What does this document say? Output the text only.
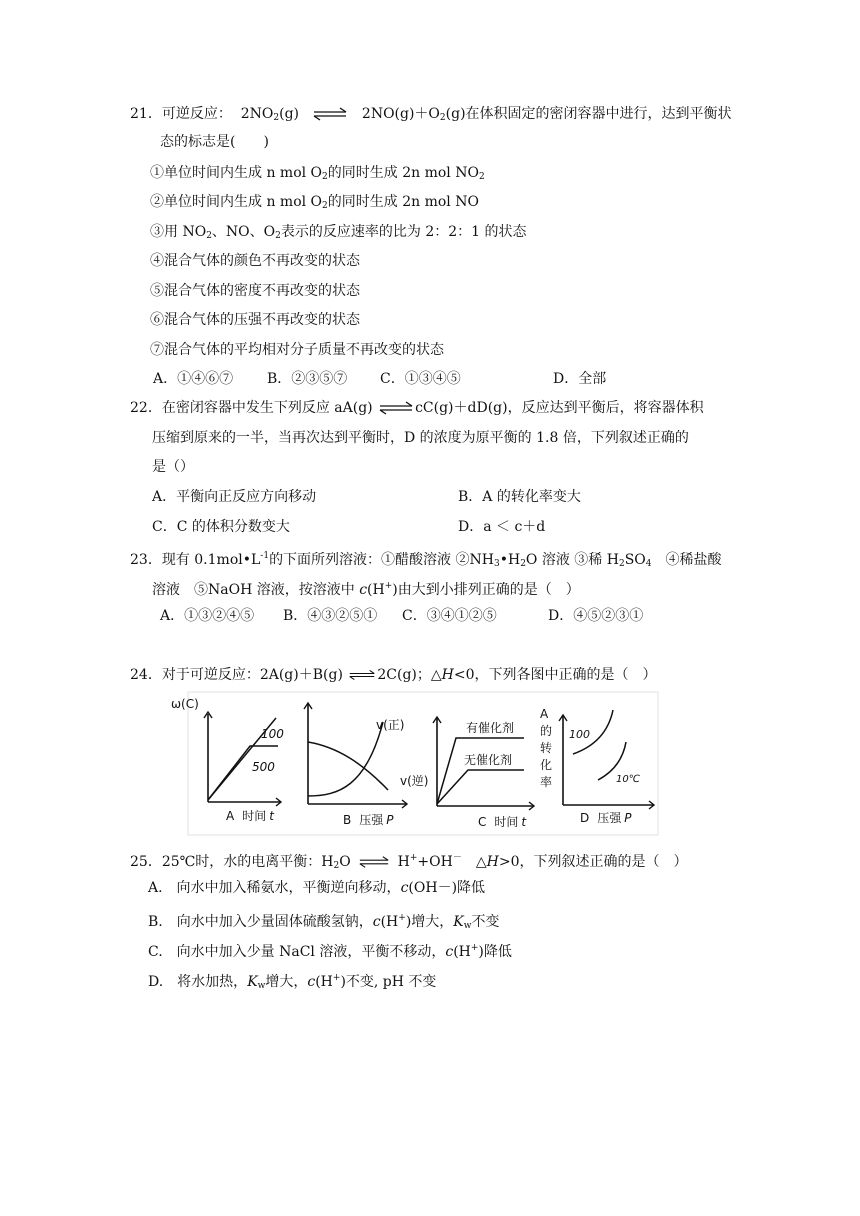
21．可逆反应： $2NO_2(g)$	$2NO(g)+O_2(g)$在体积固定的密闭容器中进行，达到平衡状
态的标志是(　　)
①单位时间内生成 n mol $O_2$的同时生成 2n mol $NO_2$
②单位时间内生成 n mol $O_2$的同时生成 2n mol NO
③用 $NO_2$、NO、$O_2$表示的反应速率的比为 2：2：1 的状态
④混合气体的颜色不再改变的状态
⑤混合气体的密度不再改变的状态
⑥混合气体的压强不再改变的状态
⑦混合气体的平均相对分子质量不再改变的状态
A．①④⑥⑦ B．②③⑤⑦ C．①③④⑤	D．全部
22．在密闭容器中发生下列反应 aA(g)	cC(g)＋dD(g)，反应达到平衡后，将容器体积
压缩到原来的一半，当再次达到平衡时，D 的浓度为原平衡的 1.8 倍，下列叙述正确的
是（）
A．平衡向正反应方向移动	B．A 的转化率变大
C．C 的体积分数变大	D．a ＜ c＋d
23．现有 $0.1mol•L^{-1}$的下面所列溶液：①醋酸溶液 $②NH_3•H_2O$ 溶液 ③稀 $H_2SO_4$　④稀盐酸
溶液　⑤NaOH 溶液，按溶液中 c(H+)由大到小排列正确的是（　）
A．①③②④⑤ B．④③②⑤① C．③④①②⑤	D．④⑤②③①
24．对于可逆反应：2A(g)＋B(g) 2C(g)；△H<0，下列各图中正确的是（　）
ω(C)
100
500
A 时间 t
v(正)
v(逆)
B 压强 P
有催化剂
无催化剂
C 时间 t
A 的 转 化 率
100
10℃
D 压强 P
25．25℃时，水的电离平衡：$H_2O$	H++OH－　△H>0，下列叙述正确的是（　）
A.　向水中加入稀氨水，平衡逆向移动，c(OH－)降低
B.　向水中加入少量固体硫酸氢钠，c(H+)增大，$K_w$不变
C.　向水中加入少量 NaCl 溶液，平衡不移动，c(H+)降低
D.　将水加热，$K_w$增大，c(H+)不变, pH 不变
